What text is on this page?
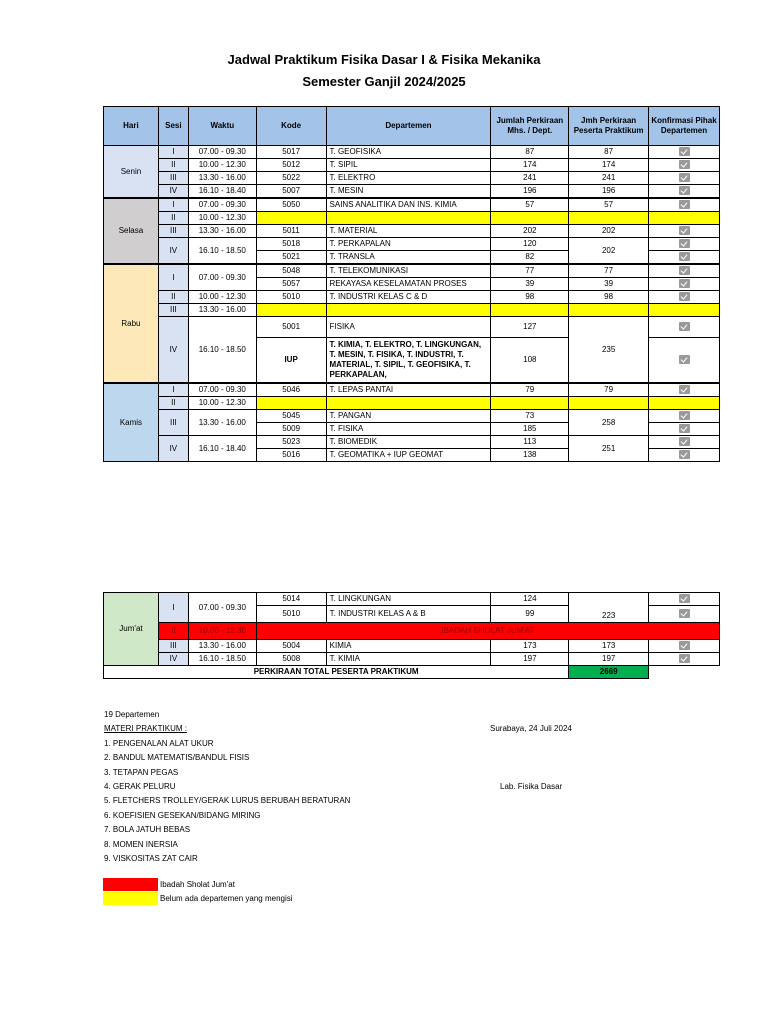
Jadwal Praktikum Fisika Dasar I & Fisika Mekanika
Semester Ganjil 2024/2025
Hari	Sesi	Waktu	Kode	Departemen	Jumlah Perkiraan Mhs. / Dept.	Jmh Perkiraan Peserta Praktikum	Konfirmasi Pihak Departemen
Senin	I	07.00 - 09.30	5017	T. GEOFISIKA	87	87	
	II	10.00 - 12.30	5012	T. SIPIL	174	174	
	III	13.30 - 16.00	5022	T. ELEKTRO	241	241	
	IV	16.10 - 18.40	5007	T. MESIN	196	196	
Selasa	I	07.00 - 09.30	5050	SAINS ANALITIKA DAN INS. KIMIA	57	57	
	II	10.00 - 12.30					
	III	13.30 - 16.00	5011	T. MATERIAL	202	202	
	IV	16.10 - 18.50	5018	T. PERKAPALAN	120	202	
			5021	T. TRANSLA	82		
Rabu	I	07.00 - 09.30	5048	T. TELEKOMUNIKASI	77	77	
			5057	REKAYASA KESELAMATAN PROSES	39	39	
	II	10.00 - 12.30	5010	T. INDUSTRI KELAS C & D	98	98	
	III	13.30 - 16.00					
	IV	16.10 - 18.50	5001	FISIKA	127	235	
			IUP	T. KIMIA, T. ELEKTRO, T. LINGKUNGAN, T. MESIN, T. FISIKA, T. INDUSTRI, T. MATERIAL, T. SIPIL, T. GEOFISIKA, T. PERKAPALAN,	108		
Kamis	I	07.00 - 09.30	5046	T. LEPAS PANTAI	79	79	
	II	10.00 - 12.30					
	III	13.30 - 16.00	5045	T. PANGAN	73	258	
			5009	T. FISIKA	185		
	IV	16.10 - 18.40	5023	T. BIOMEDIK	113	251	
			5016	T. GEOMATIKA + IUP GEOMAT	138		
Jum'at	I	07.00 - 09.30	5014	T. LINGKUNGAN	124	223	
			5010	T. INDUSTRI KELAS A & B	99		
	II	10.00 - 12.30	IBADAH SHOLAT JUM'AT				
	III	13.30 - 16.00	5004	KIMIA	173	173	
	IV	16.10 - 18.50	5008	T. KIMIA	197	197	
PERKIRAAN TOTAL PESERTA PRAKTIKUM						2669	
19 Departemen
MATERI PRAKTIKUM :
1. PENGENALAN ALAT UKUR
2. BANDUL MATEMATIS/BANDUL FISIS
3. TETAPAN PEGAS
4. GERAK PELURU
5. FLETCHERS TROLLEY/GERAK LURUS BERUBAH BERATURAN
6. KOEFISIEN GESEKAN/BIDANG MIRING
7. BOLA JATUH BEBAS
8. MOMEN INERSIA
9. VISKOSITAS ZAT CAIR
Surabaya, 24 Juli 2024
Lab. Fisika Dasar
Ibadah Sholat Jum'at
Belum ada departemen yang mengisi
